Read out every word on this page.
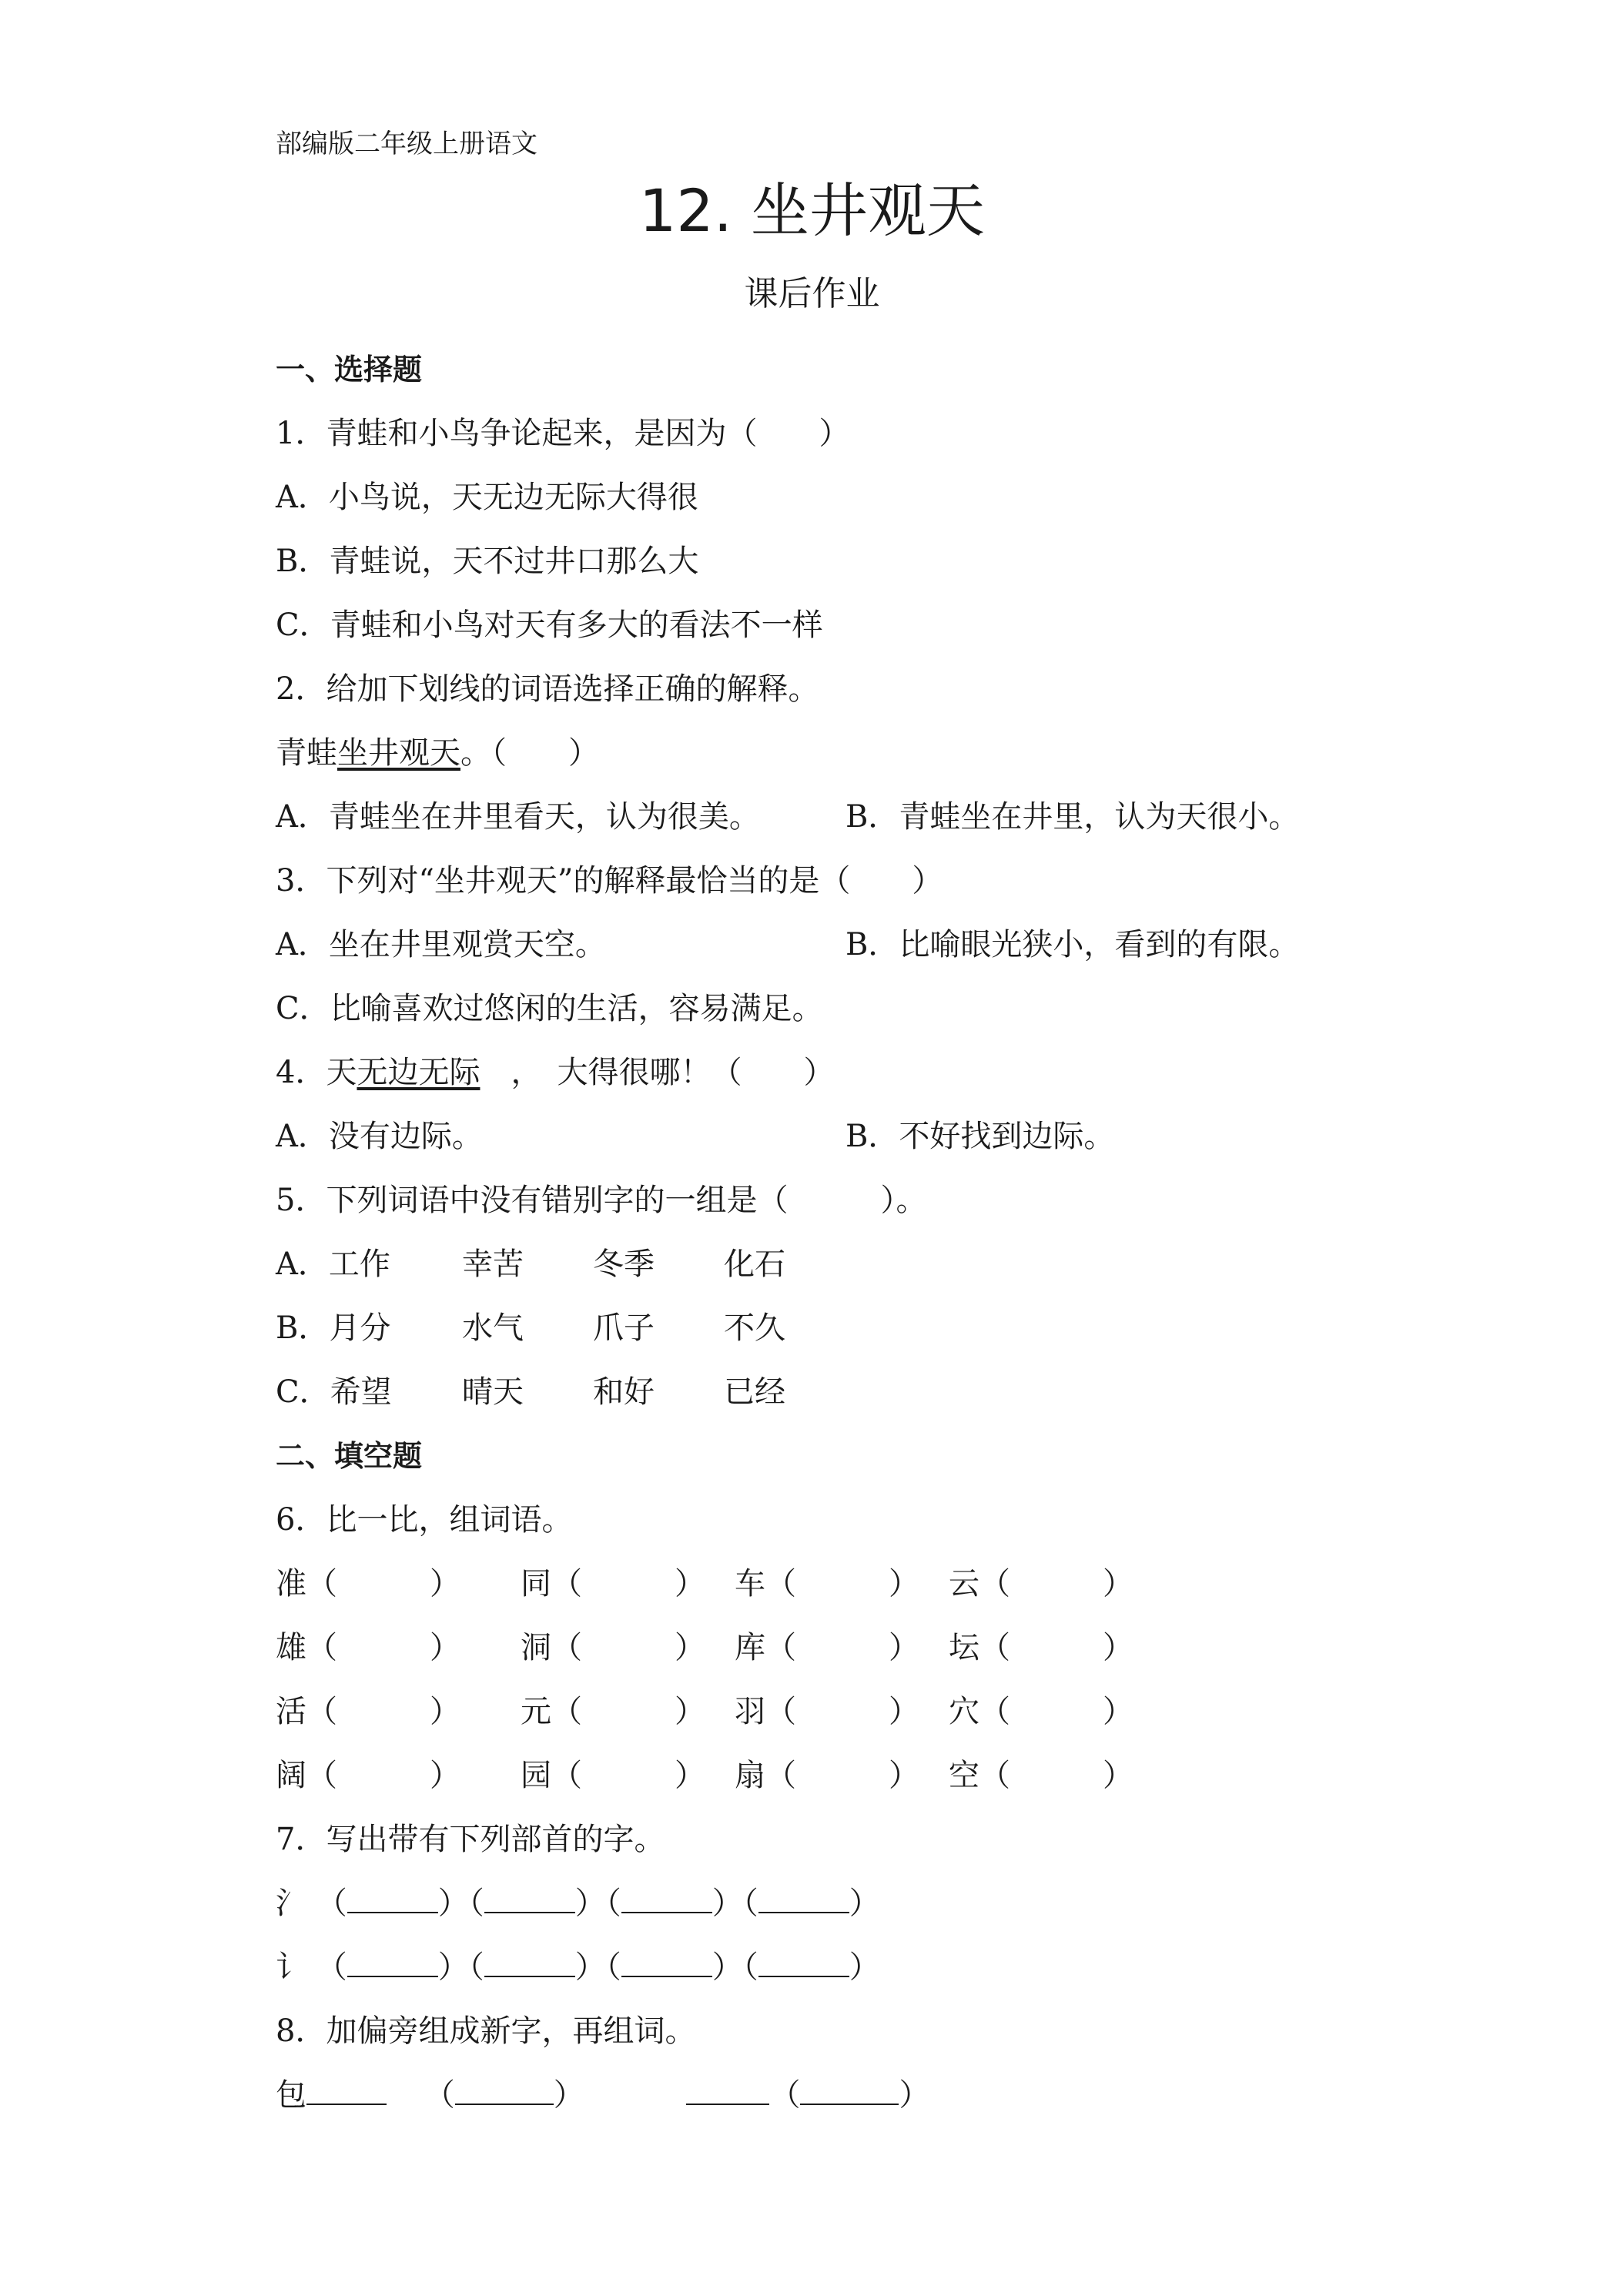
部编版二年级上册语文
12. 坐井观天
课后作业
一、选择题
1．青蛙和小鸟争论起来，是因为（　　）
A．小鸟说，天无边无际大得很
B．青蛙说，天不过井口那么大
C．青蛙和小鸟对天有多大的看法不一样
2．给加下划线的词语选择正确的解释。
青蛙坐井观天。（　　）
A．青蛙坐在井里看天，认为很美。	B．青蛙坐在井里，认为天很小。
3．下列对“坐井观天”的解释最恰当的是（　　）
A．坐在井里观赏天空。	B．比喻眼光狭小，看到的有限。
C．比喻喜欢过悠闲的生活，容易满足。
4．天无边无际　，　大得很哪！（　　）
A．没有边际。	B．不好找到边际。
5．下列词语中没有错别字的一组是（　　　）。
A．工作 幸苦 冬季 化石
B．月分 水气 爪子 不久
C．希望 晴天 和好 已经
二、填空题
6．比一比，组词语。
准（　　　） 同（　　　） 车（　　　） 云（　　　）
雄（　　　） 洞（　　　） 库（　　　） 坛（　　　）
活（　　　） 元（　　　） 羽（　　　） 穴（　　　）
阔（　　　） 园（　　　） 扇（　　　） 空（　　　）
7．写出带有下列部首的字。
氵 （	）（	）（	）（	）
讠 （	）（	）（	）（	）
8．加偏旁组成新字，再组词。
包	（	）	（	）
